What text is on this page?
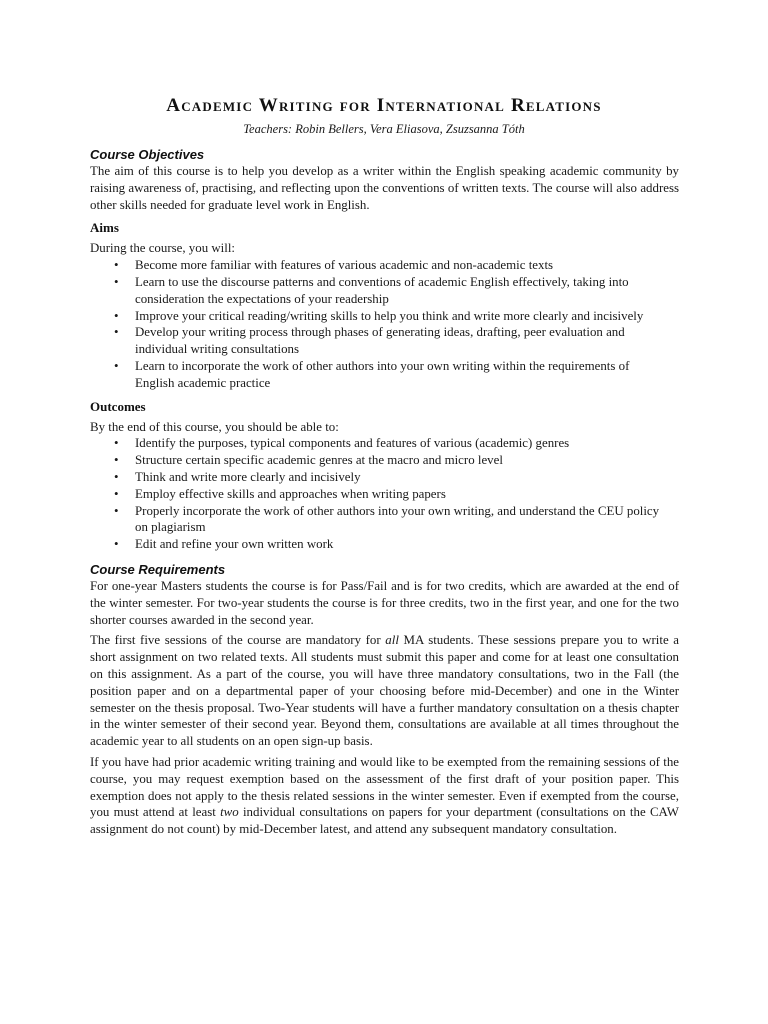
Academic Writing for International Relations
Teachers: Robin Bellers, Vera Eliasova, Zsuzsanna Tóth
Course Objectives

The aim of this course is to help you develop as a writer within the English speaking academic community by raising awareness of, practising, and reflecting upon the conventions of written texts. The course will also address other skills needed for graduate level work in English.

Aims

During the course, you will:

• Become more familiar with features of various academic and non-academic texts
• Learn to use the discourse patterns and conventions of academic English effectively, taking into consideration the expectations of your readership
• Improve your critical reading/writing skills to help you think and write more clearly and incisively
• Develop your writing process through phases of generating ideas, drafting, peer evaluation and individual writing consultations
• Learn to incorporate the work of other authors into your own writing within the requirements of English academic practice
Outcomes

By the end of this course, you should be able to:

• Identify the purposes, typical components and features of various (academic) genres
• Structure certain specific academic genres at the macro and micro level
• Think and write more clearly and incisively
• Employ effective skills and approaches when writing papers
• Properly incorporate the work of other authors into your own writing, and understand the CEU policy on plagiarism
• Edit and refine your own written work
Course Requirements

For one-year Masters students the course is for Pass/Fail and is for two credits, which are awarded at the end of the winter semester. For two-year students the course is for three credits, two in the first year, and one for the two shorter courses awarded in the second year.

The first five sessions of the course are mandatory for all MA students. These sessions prepare you to write a short assignment on two related texts. All students must submit this paper and come for at least one consultation on this assignment. As a part of the course, you will have three mandatory consultations, two in the Fall (the position paper and on a departmental paper of your choosing before mid-December) and one in the Winter semester on the thesis proposal. Two-Year students will have a further mandatory consultation on a thesis chapter in the winter semester of their second year. Beyond them, consultations are available at all times throughout the academic year to all students on an open sign-up basis.

If you have had prior academic writing training and would like to be exempted from the remaining sessions of the course, you may request exemption based on the assessment of the first draft of your position paper. This exemption does not apply to the thesis related sessions in the winter semester. Even if exempted from the course, you must attend at least two individual consultations on papers for your department (consultations on the CAW assignment do not count) by mid-December latest, and attend any subsequent mandatory consultation.
